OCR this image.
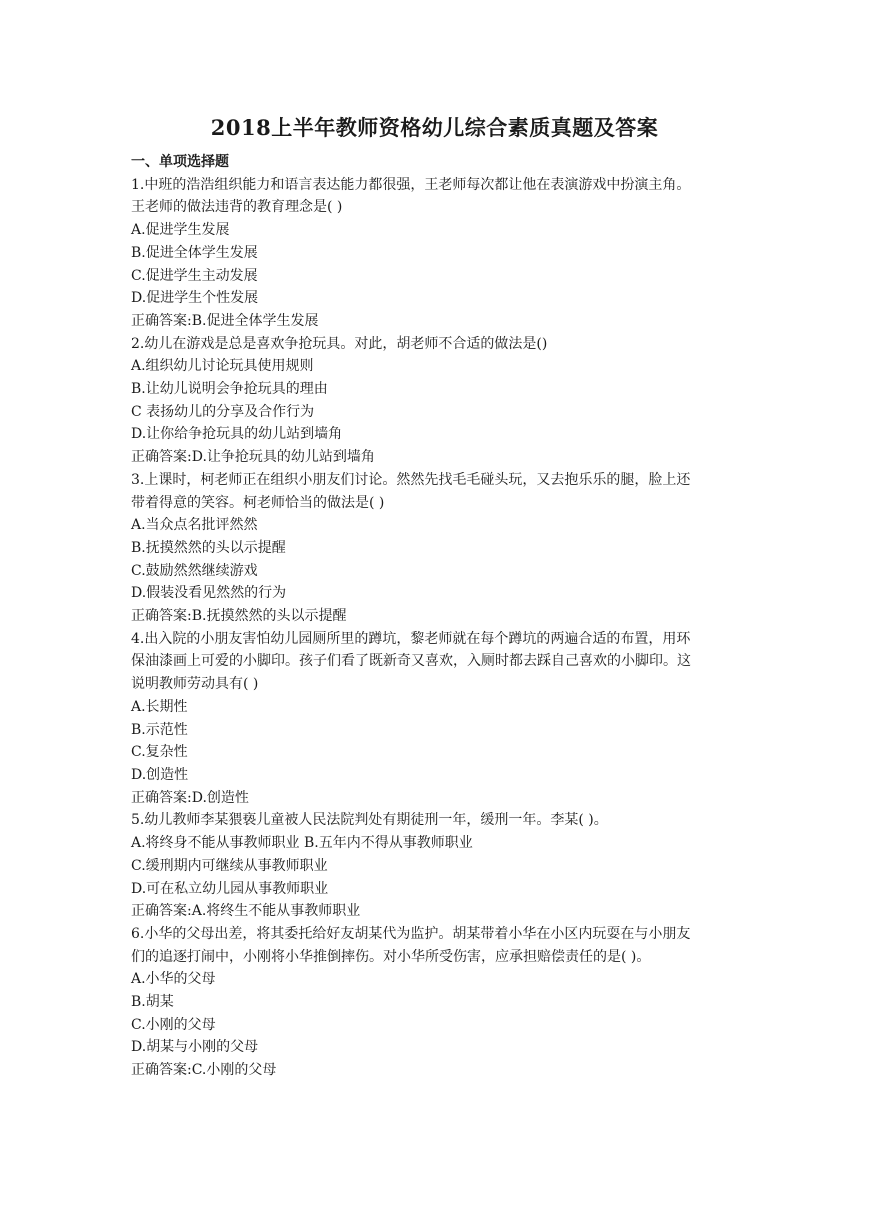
2018上半年教师资格幼儿综合素质真题及答案

一、单项选择题

1.中班的浩浩组织能力和语言表达能力都很强，王老师每次都让他在表演游戏中扮演主角。
王老师的做法违背的教育理念是( )
A.促进学生发展
B.促进全体学生发展
C.促进学生主动发展
D.促进学生个性发展
正确答案:B.促进全体学生发展
2.幼儿在游戏是总是喜欢争抢玩具。对此，胡老师不合适的做法是()
A.组织幼儿讨论玩具使用规则
B.让幼儿说明会争抢玩具的理由
C 表扬幼儿的分享及合作行为
D.让你给争抢玩具的幼儿站到墙角
正确答案:D.让争抢玩具的幼儿站到墙角
3.上课时，柯老师正在组织小朋友们讨论。然然先找毛毛碰头玩，又去抱乐乐的腿，脸上还
带着得意的笑容。柯老师恰当的做法是( )
A.当众点名批评然然
B.抚摸然然的头以示提醒
C.鼓励然然继续游戏
D.假装没看见然然的行为
正确答案:B.抚摸然然的头以示提醒
4.出入院的小朋友害怕幼儿园厕所里的蹲坑，黎老师就在每个蹲坑的两遍合适的布置，用环
保油漆画上可爱的小脚印。孩子们看了既新奇又喜欢，入厕时都去踩自己喜欢的小脚印。这
说明教师劳动具有( )
A.长期性
B.示范性
C.复杂性
D.创造性
正确答案:D.创造性
5.幼儿教师李某猥亵儿童被人民法院判处有期徒刑一年，缓刑一年。李某( )。
A.将终身不能从事教师职业 B.五年内不得从事教师职业
C.缓刑期内可继续从事教师职业
D.可在私立幼儿园从事教师职业
正确答案:A.将终生不能从事教师职业
6.小华的父母出差，将其委托给好友胡某代为监护。胡某带着小华在小区内玩耍在与小朋友
们的追逐打闹中，小刚将小华推倒摔伤。对小华所受伤害，应承担赔偿责任的是( )。
A.小华的父母
B.胡某
C.小刚的父母
D.胡某与小刚的父母
正确答案:C.小刚的父母
